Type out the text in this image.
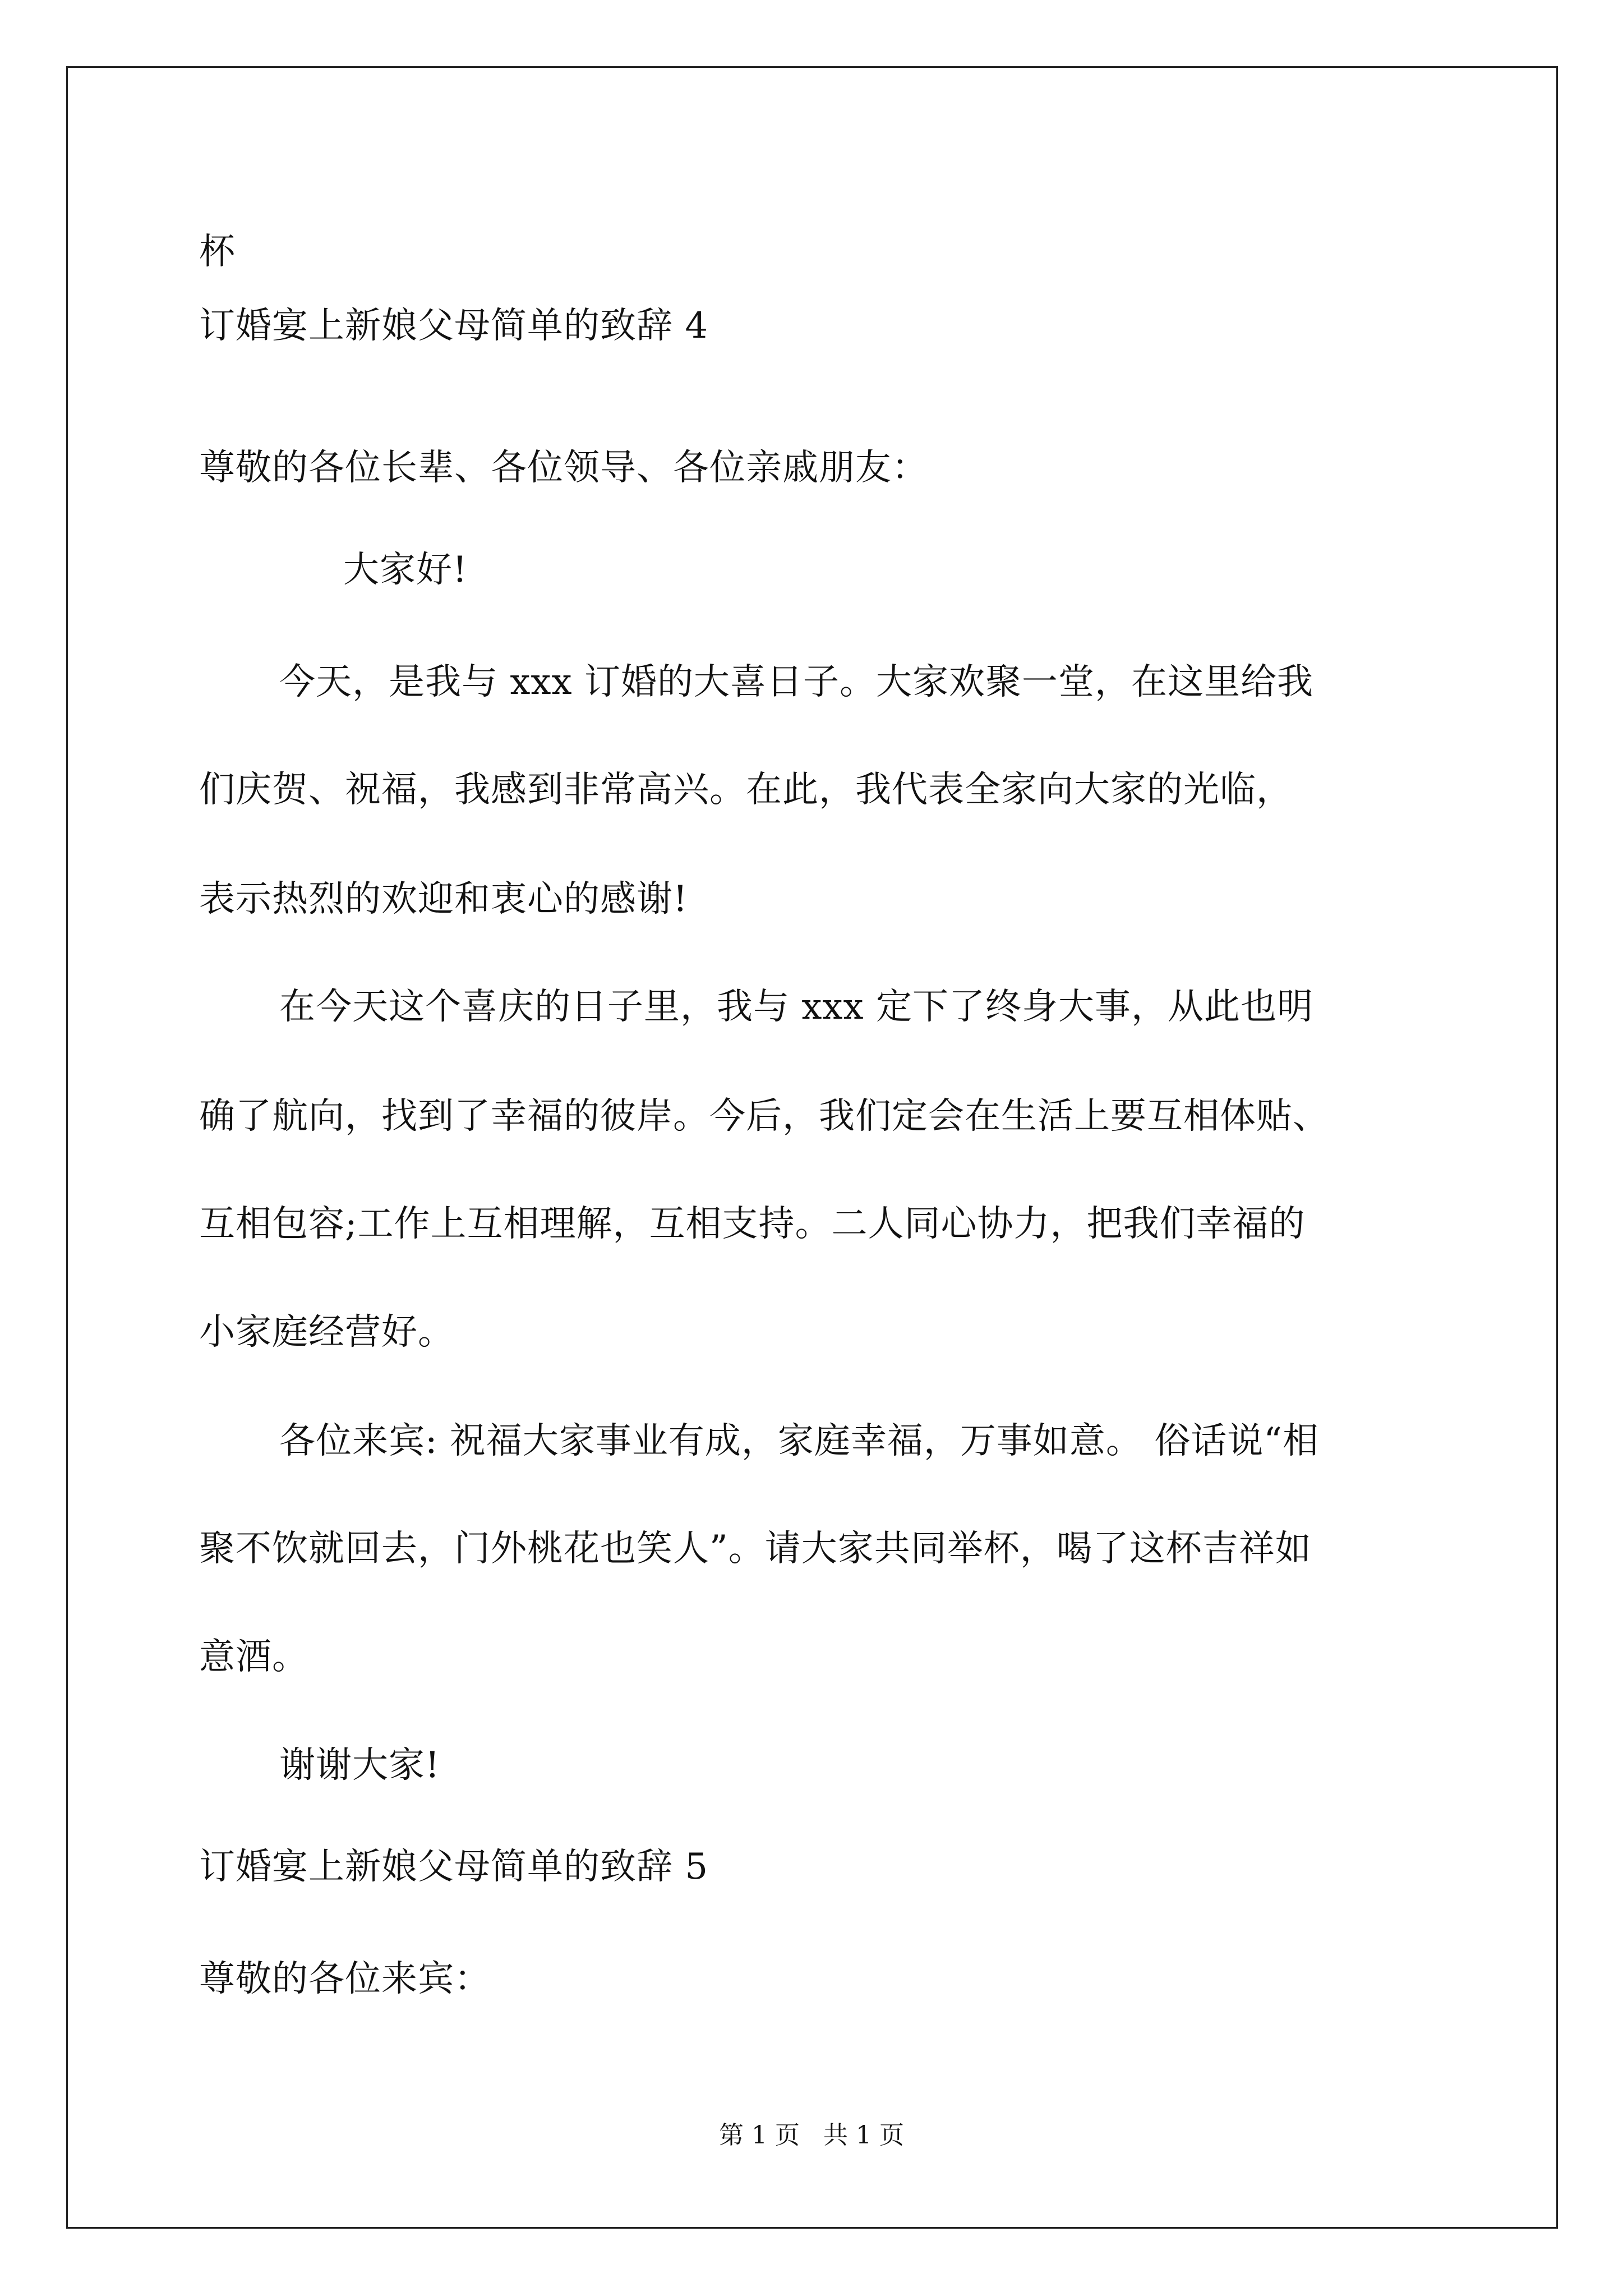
杯
订婚宴上新娘父母简单的致辞 4
尊敬的各位长辈、各位领导、各位亲戚朋友：
大家好!
今天，是我与 xxx 订婚的大喜日子。大家欢聚一堂，在这里给我
们庆贺、祝福，我感到非常高兴。在此，我代表全家向大家的光临，
表示热烈的欢迎和衷心的感谢!
在今天这个喜庆的日子里，我与 xxx 定下了终身大事，从此也明
确了航向，找到了幸福的彼岸。今后，我们定会在生活上要互相体贴、
互相包容;工作上互相理解，互相支持。二人同心协力，把我们幸福的
小家庭经营好。
各位来宾: 祝福大家事业有成，家庭幸福，万事如意。 俗话说“相
聚不饮就回去，门外桃花也笑人”。请大家共同举杯，喝了这杯吉祥如
意酒。
谢谢大家!
订婚宴上新娘父母简单的致辞 5
尊敬的各位来宾：
第 1 页   共 1 页
